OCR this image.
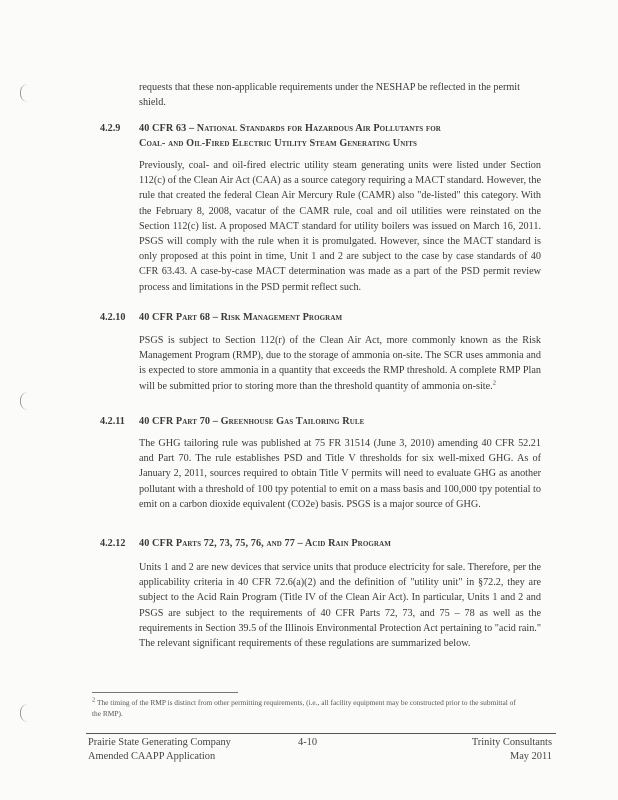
requests that these non-applicable requirements under the NESHAP be reflected in the permit shield.
4.2.9 40 CFR 63 – National Standards for Hazardous Air Pollutants for
Coal- and Oil-Fired Electric Utility Steam Generating Units
Previously, coal- and oil-fired electric utility steam generating units were listed under Section 112(c) of the Clean Air Act (CAA) as a source category requiring a MACT standard. However, the rule that created the federal Clean Air Mercury Rule (CAMR) also "de-listed" this category. With the February 8, 2008, vacatur of the CAMR rule, coal and oil utilities were reinstated on the Section 112(c) list. A proposed MACT standard for utility boilers was issued on March 16, 2011. PSGS will comply with the rule when it is promulgated. However, since the MACT standard is only proposed at this point in time, Unit 1 and 2 are subject to the case by case standards of 40 CFR 63.43. A case-by-case MACT determination was made as a part of the PSD permit review process and limitations in the PSD permit reflect such.
4.2.10 40 CFR Part 68 – Risk Management Program
PSGS is subject to Section 112(r) of the Clean Air Act, more commonly known as the Risk Management Program (RMP), due to the storage of ammonia on-site. The SCR uses ammonia and is expected to store ammonia in a quantity that exceeds the RMP threshold. A complete RMP Plan will be submitted prior to storing more than the threshold quantity of ammonia on-site.$^2$
4.2.11 40 CFR Part 70 – Greenhouse Gas Tailoring Rule
The GHG tailoring rule was published at 75 FR 31514 (June 3, 2010) amending 40 CFR 52.21 and Part 70. The rule establishes PSD and Title V thresholds for six well-mixed GHG. As of January 2, 2011, sources required to obtain Title V permits will need to evaluate GHG as another pollutant with a threshold of 100 tpy potential to emit on a mass basis and 100,000 tpy potential to emit on a carbon dioxide equivalent (CO2e) basis. PSGS is a major source of GHG.
4.2.12 40 CFR Parts 72, 73, 75, 76, and 77 – Acid Rain Program
Units 1 and 2 are new devices that service units that produce electricity for sale. Therefore, per the applicability criteria in 40 CFR 72.6(a)(2) and the definition of "utility unit" in §72.2, they are subject to the Acid Rain Program (Title IV of the Clean Air Act). In particular, Units 1 and 2 and PSGS are subject to the requirements of 40 CFR Parts 72, 73, and 75 – 78 as well as the requirements in Section 39.5 of the Illinois Environmental Protection Act pertaining to "acid rain." The relevant significant requirements of these regulations are summarized below.
$^2$ The timing of the RMP is distinct from other permitting requirements, (i.e., all facility equipment may be constructed prior to the submittal of the RMP).
Prairie State Generating Company
Amended CAAPP Application
4-10	Trinity Consultants
May 2011
